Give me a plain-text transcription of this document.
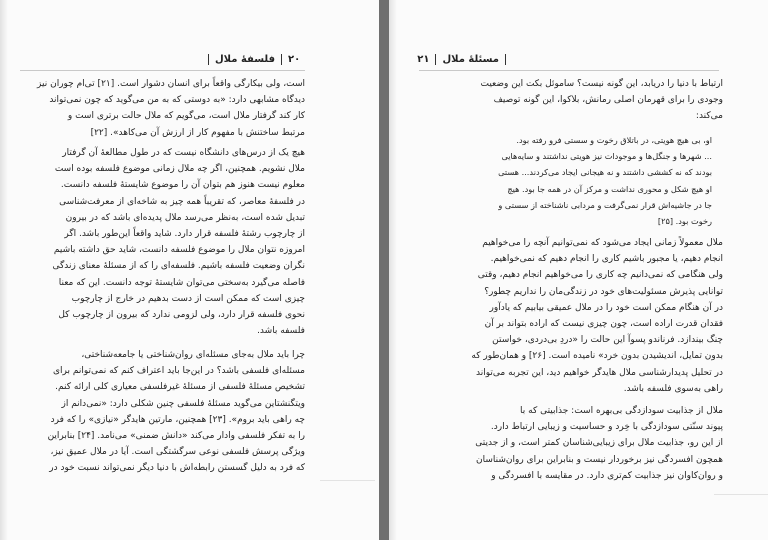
۲۰
فلسفهٔ ملال
است، ولی بیکارگی واقعاً برای انسان دشوار است. [۲۱] تی‌ام چوران نیز
دیدگاه مشابهی دارد: «به دوستی که به من می‌گوید که چون نمی‌تواند
کار کند گرفتار ملال است، می‌گویم که ملال حالت برتری است و
مرتبط ساختنش با مفهوم کار از ارزش آن می‌کاهد». [۲۲]
هیچ یک از درس‌های دانشگاه نیست که در طول مطالعهٔ آن گرفتار
ملال نشویم. همچنین، اگر چه ملال زمانی موضوع فلسفه بوده است
معلوم نیست هنوز هم بتوان آن را موضوع شایستهٔ فلسفه دانست.
در فلسفهٔ معاصر، که تقریباً همه چیز به شاخه‌ای از معرفت‌شناسی
تبدیل شده است، به‌نظر می‌رسد ملال پدیده‌ای باشد که در بیرون
از چارچوب رشتهٔ فلسفه قرار دارد. شاید واقعاً این‌طور باشد. اگر
امروزه نتوان ملال را موضوع فلسفه دانست، شاید حق داشته باشیم
نگران وضعیت فلسفه باشیم. فلسفه‌ای را که از مسئلهٔ معنای زندگی
فاصله می‌گیرد به‌سختی می‌توان شایستهٔ توجه دانست. این که معنا
چیزی است که ممکن است از دست بدهیم در خارج از چارچوب
نحوی فلسفه قرار دارد، ولی لزومی ندارد که بیرون از چارچوب کل
فلسفه باشد.
چرا باید ملال به‌جای مسئله‌ای روان‌شناختی یا جامعه‌شناختی،
مسئله‌ای فلسفی باشد؟ در این‌جا باید اعتراف کنم که نمی‌توانم برای
تشخیص مسئلهٔ فلسفی از مسئلهٔ غیرفلسفی معیاری کلی ارائه کنم.
ویتگنشتاین می‌گوید مسئلهٔ فلسفی چنین شکلی دارد: «نمی‌دانم از
چه راهی باید بروم». [۲۳] همچنین، مارتین هایدگر «نیازی» را که فرد
را به تفکر فلسفی وادار می‌کند «دانش ضمنی» می‌نامد. [۲۴] بنابراین
ویژگی پرسش فلسفی نوعی سرگشتگی است. آیا در ملال عمیق نیز،
که فرد به دلیل گسستن رابطه‌اش با دنیا دیگر نمی‌تواند نسبت خود در
مسئلهٔ ملال
۲۱
ارتباط با دنیا را دریابد، این گونه نیست؟ ساموئل بکت این وضعیت
وجودی را برای قهرمان اصلی رمانش، بلاکوا، این گونه توصیف
می‌کند:
او، بی هیچ هویتی، در باتلاق رخوت و سستی فرو رفته بود.
... شهرها و جنگل‌ها و موجودات نیز هویتی نداشتند و سایه‌هایی
بودند که نه کششی داشتند و نه هیجانی ایجاد می‌کردند... هستی
او هیچ شکل و محوری نداشت و مرکز آن در همه جا بود. هیچ
جا در جاشیه‌اش قرار نمی‌گرفت و مردابی ناشناخته از سستی و
رخوت بود. [۲۵]
ملال معمولاً زمانی ایجاد می‌شود که نمی‌توانیم آنچه را می‌خواهیم
انجام دهیم، یا مجبور باشیم کاری را انجام دهیم که نمی‌خواهیم.
ولی هنگامی که نمی‌دانیم چه کاری را می‌خواهیم انجام دهیم، وقتی
توانایی پذیرش مسئولیت‌های خود در زندگی‌مان را نداریم چطور؟
در آن هنگام ممکن است خود را در ملال عمیقی بیابیم که یادآور
فقدان قدرت اراده است، چون چیزی نیست که اراده بتواند بر آن
چنگ بیندازد. فرناندو پسوآ این حالت را «دردِ بی‌دردی، خواستن
بدون تمایل، اندیشیدن بدون خرد» نامیده است. [۲۶] و همان‌طور که
در تحلیل پدیدارشناسی ملال هایدگر خواهیم دید، این تجربه می‌تواند
راهی به‌سوی فلسفه باشد.
ملال از جذابیت سودازدگی بی‌بهره است: جذابیتی که با
پیوند سنّتی سودازدگی با خِرد و حساسیت و زیبایی ارتباط دارد.
از این رو، جذابیت ملال برای زیبایی‌شناسان کمتر است، و از جدیتی
همچون افسردگی نیز برخوردار نیست و بنابراین برای روان‌شناسان
و روان‌کاوان نیز جذابیت کم‌تری دارد. در مقایسه با افسردگی و
